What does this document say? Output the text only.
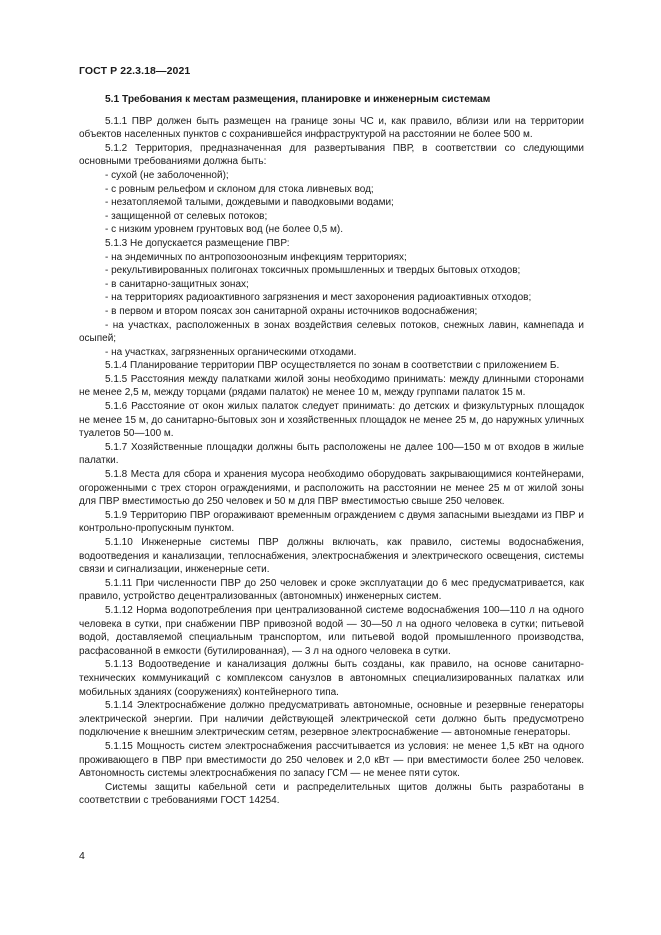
ГОСТ Р 22.3.18—2021

5.1 Требования к местам размещения, планировке и инженерным системам

5.1.1 ПВР должен быть размещен на границе зоны ЧС и, как правило, вблизи или на территории объектов населенных пунктов с сохранившейся инфраструктурой на расстоянии не более 500 м.

5.1.2 Территория, предназначенная для развертывания ПВР, в соответствии со следующими основными требованиями должна быть:

- сухой (не заболоченной);

- с ровным рельефом и склоном для стока ливневых вод;

- незатопляемой талыми, дождевыми и паводковыми водами;

- защищенной от селевых потоков;

- с низким уровнем грунтовых вод (не более 0,5 м).

5.1.3 Не допускается размещение ПВР:

- на эндемичных по антропозоонозным инфекциям территориях;

- рекультивированных полигонах токсичных промышленных и твердых бытовых отходов;

- в санитарно-защитных зонах;

- на территориях радиоактивного загрязнения и мест захоронения радиоактивных отходов;

- в первом и втором поясах зон санитарной охраны источников водоснабжения;

- на участках, расположенных в зонах воздействия селевых потоков, снежных лавин, камнепада и осыпей;

- на участках, загрязненных органическими отходами.

5.1.4 Планирование территории ПВР осуществляется по зонам в соответствии с приложением Б.

5.1.5 Расстояния между палатками жилой зоны необходимо принимать: между длинными сторонами не менее 2,5 м, между торцами (рядами палаток) не менее 10 м, между группами палаток 15 м.

5.1.6 Расстояние от окон жилых палаток следует принимать: до детских и физкультурных площадок не менее 15 м, до санитарно-бытовых зон и хозяйственных площадок не менее 25 м, до наружных уличных туалетов 50—100 м.

5.1.7 Хозяйственные площадки должны быть расположены не далее 100—150 м от входов в жилые палатки.

5.1.8 Места для сбора и хранения мусора необходимо оборудовать закрывающимися контейнерами, огороженными с трех сторон ограждениями, и расположить на расстоянии не менее 25 м от жилой зоны для ПВР вместимостью до 250 человек и 50 м для ПВР вместимостью свыше 250 человек.

5.1.9 Территорию ПВР огораживают временным ограждением с двумя запасными выездами из ПВР и контрольно-пропускным пунктом.

5.1.10 Инженерные системы ПВР должны включать, как правило, системы водоснабжения, водоотведения и канализации, теплоснабжения, электроснабжения и электрического освещения, системы связи и сигнализации, инженерные сети.

5.1.11 При численности ПВР до 250 человек и сроке эксплуатации до 6 мес предусматривается, как правило, устройство децентрализованных (автономных) инженерных систем.

5.1.12 Норма водопотребления при централизованной системе водоснабжения 100—110 л на одного человека в сутки, при снабжении ПВР привозной водой — 30—50 л на одного человека в сутки; питьевой водой, доставляемой специальным транспортом, или питьевой водой промышленного производства, расфасованной в емкости (бутилированная), — 3 л на одного человека в сутки.

5.1.13 Водоотведение и канализация должны быть созданы, как правило, на основе санитарно-технических коммуникаций с комплексом санузлов в автономных специализированных палатках или мобильных зданиях (сооружениях) контейнерного типа.

5.1.14 Электроснабжение должно предусматривать автономные, основные и резервные генераторы электрической энергии. При наличии действующей электрической сети должно быть предусмотрено подключение к внешним электрическим сетям, резервное электроснабжение — автономные генераторы.

5.1.15 Мощность систем электроснабжения рассчитывается из условия: не менее 1,5 кВт на одного проживающего в ПВР при вместимости до 250 человек и 2,0 кВт — при вместимости более 250 человек. Автономность системы электроснабжения по запасу ГСМ — не менее пяти суток.

Системы защиты кабельной сети и распределительных щитов должны быть разработаны в соответствии с требованиями ГОСТ 14254.

4
